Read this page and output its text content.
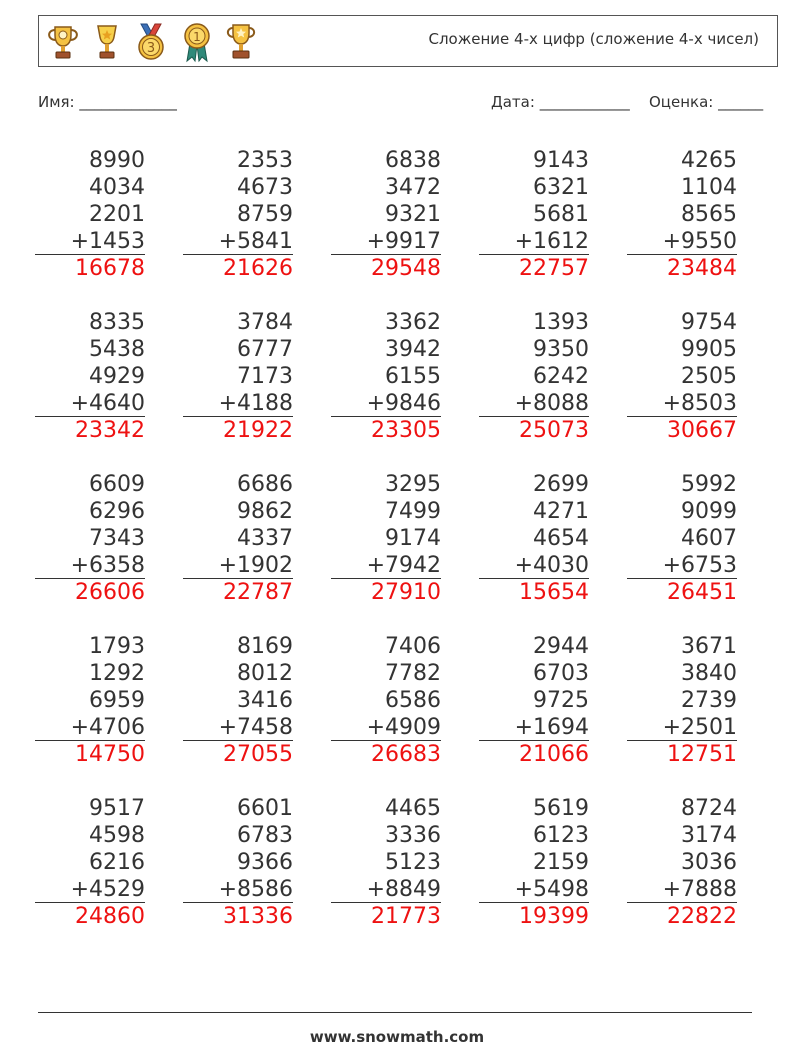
3
1	Сложение 4-х цифр (сложение 4-х чисел)
Имя: _____________	Дата: ____________ Оценка: ______
8990
4034
2201
+1453
16678
2353
4673
8759
+5841
21626
6838
3472
9321
+9917
29548
9143
6321
5681
+1612
22757
4265
1104
8565
+9550
23484
8335
5438
4929
+4640
23342
3784
6777
7173
+4188
21922
3362
3942
6155
+9846
23305
1393
9350
6242
+8088
25073
9754
9905
2505
+8503
30667
6609
6296
7343
+6358
26606
6686
9862
4337
+1902
22787
3295
7499
9174
+7942
27910
2699
4271
4654
+4030
15654
5992
9099
4607
+6753
26451
1793
1292
6959
+4706
14750
8169
8012
3416
+7458
27055
7406
7782
6586
+4909
26683
2944
6703
9725
+1694
21066
3671
3840
2739
+2501
12751
9517
4598
6216
+4529
24860
6601
6783
9366
+8586
31336
4465
3336
5123
+8849
21773
5619
6123
2159
+5498
19399
8724
3174
3036
+7888
22822
www.snowmath.com
